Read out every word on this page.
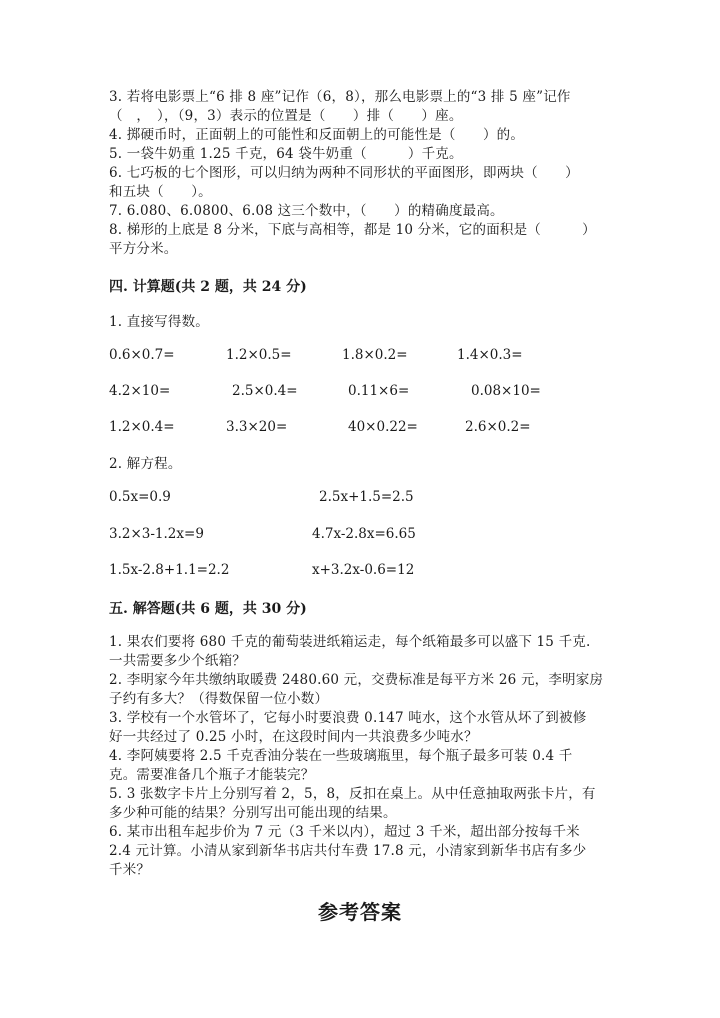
3. 若将电影票上“6 排 8 座”记作（6，8），那么电影票上的“3 排 5 座”记作
（　，　），（9，3）表示的位置是（　　）排（　　）座。
4. 掷硬币时，正面朝上的可能性和反面朝上的可能性是（　　）的。
5. 一袋牛奶重 1.25 千克，64 袋牛奶重（　　　）千克。
6. 七巧板的七个图形，可以归纳为两种不同形状的平面图形，即两块（　　）
和五块（　　）。
7. 6.080、6.0800、6.08 这三个数中，（　　）的精确度最高。
8. 梯形的上底是 8 分米，下底与高相等，都是 10 分米，它的面积是（　　　）
平方分米。
四. 计算题(共 2 题，共 24 分)
1. 直接写得数。
0.6×0.7=	1.2×0.5=	1.8×0.2=	1.4×0.3=
4.2×10=	2.5×0.4=	0.11×6=	0.08×10=
1.2×0.4=	3.3×20=	40×0.22=	2.6×0.2=
2. 解方程。
0.5x=0.9	2.5x+1.5=2.5
3.2×3-1.2x=9	4.7x-2.8x=6.65
1.5x-2.8+1.1=2.2	x+3.2x-0.6=12
五. 解答题(共 6 题，共 30 分)
1. 果农们要将 680 千克的葡萄装进纸箱运走，每个纸箱最多可以盛下 15 千克.
一共需要多少个纸箱？
2. 李明家今年共缴纳取暖费 2480.60 元，交费标准是每平方米 26 元，李明家房
子约有多大？（得数保留一位小数）
3. 学校有一个水管坏了，它每小时要浪费 0.147 吨水，这个水管从坏了到被修
好一共经过了 0.25 小时，在这段时间内一共浪费多少吨水？
4. 李阿姨要将 2.5 千克香油分装在一些玻璃瓶里，每个瓶子最多可装 0.4 千
克。需要准备几个瓶子才能装完？
5. 3 张数字卡片上分别写着 2，5，8，反扣在桌上。从中任意抽取两张卡片，有
多少种可能的结果？分别写出可能出现的结果。
6. 某市出租车起步价为 7 元（3 千米以内），超过 3 千米，超出部分按每千米
2.4 元计算。小清从家到新华书店共付车费 17.8 元，小清家到新华书店有多少
千米？
参考答案
